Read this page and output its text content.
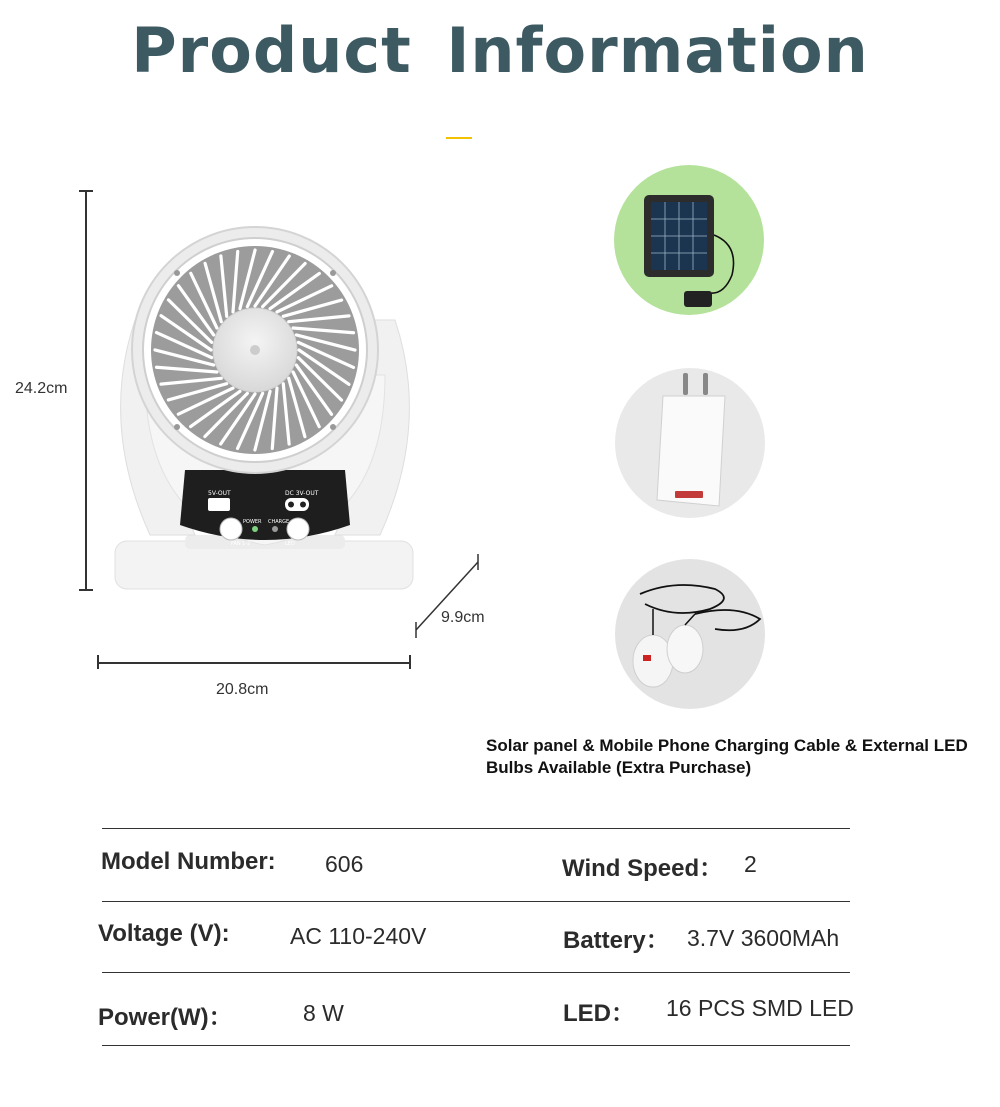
Product Information
24.2cm
5V-OUT	DC 3V-OUT
POWER CHARGE
FAN 1-2	LED
9.9cm
20.8cm
Solar panel & Mobile Phone Charging Cable & External LED Bulbs Available (Extra Purchase)
Model Number: 606	Wind Speed： 2
Voltage (V):	AC 110-240V	Battery： 3.7V 3600MAh
Power(W)：	8 W	LED： 16 PCS SMD LED
